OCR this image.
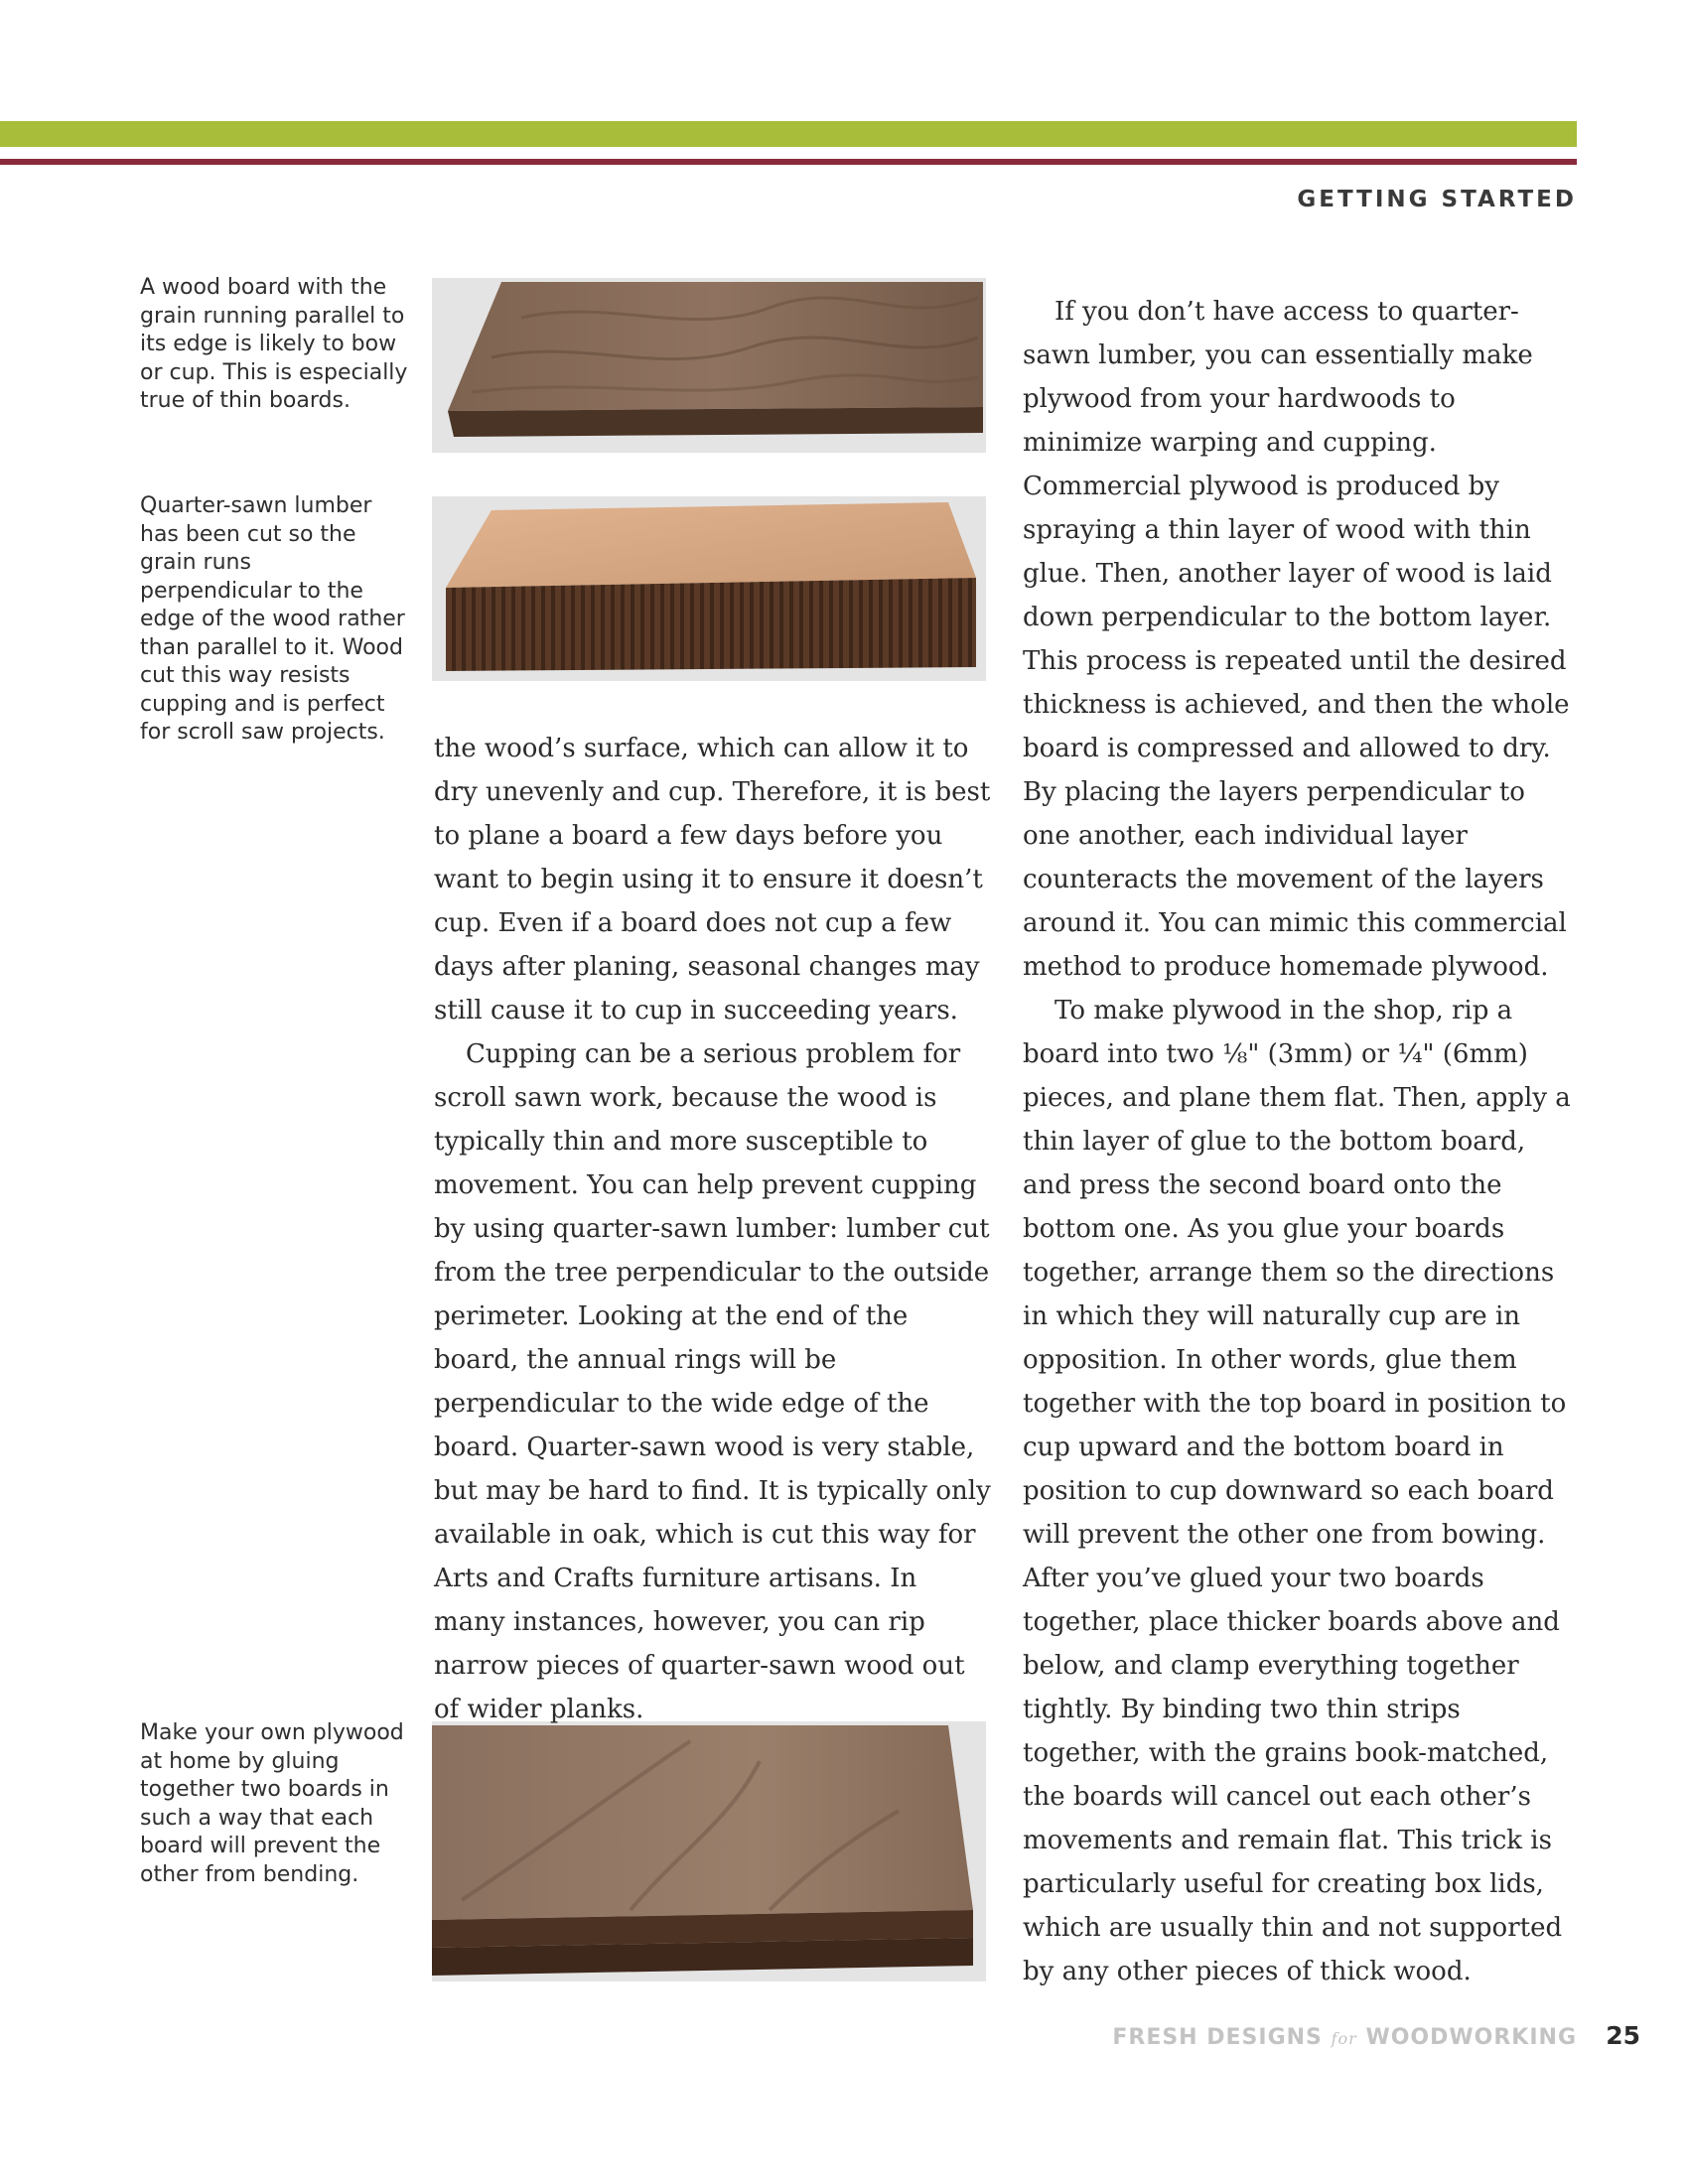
GETTING STARTED
A wood board with the grain running parallel to its edge is likely to bow or cup. This is especially true of thin boards.
Quarter-sawn lumber has been cut so the grain runs perpendicular to the edge of the wood rather than parallel to it. Wood cut this way resists cupping and is perfect for scroll saw projects.
Make your own plywood at home by gluing together two boards in such a way that each board will prevent the other from bending.

the wood’s surface, which can allow it to dry unevenly and cup. Therefore, it is best to plane a board a few days before you want to begin using it to ensure it doesn’t cup. Even if a board does not cup a few days after planing, seasonal changes may still cause it to cup in succeeding years.

Cupping can be a serious problem for scroll sawn work, because the wood is typically thin and more susceptible to movement. You can help prevent cupping by using quarter-sawn lumber: lumber cut from the tree perpendicular to the outside perimeter. Looking at the end of the board, the annual rings will be perpendicular to the wide edge of the board. Quarter-sawn wood is very stable, but may be hard to find. It is typically only available in oak, which is cut this way for Arts and Crafts furniture artisans. In many instances, however, you can rip narrow pieces of quarter-sawn wood out of wider planks.

If you don’t have access to quarter-sawn lumber, you can essentially make plywood from your hardwoods to minimize warping and cupping. Commercial plywood is produced by spraying a thin layer of wood with thin glue. Then, another layer of wood is laid down perpendicular to the bottom layer. This process is repeated until the desired thickness is achieved, and then the whole board is compressed and allowed to dry. By placing the layers perpendicular to one another, each individual layer counteracts the movement of the layers around it. You can mimic this commercial method to produce homemade plywood.

To make plywood in the shop, rip a board into two ⅛" (3mm) or ¼" (6mm) pieces, and plane them flat. Then, apply a thin layer of glue to the bottom board, and press the second board onto the bottom one. As you glue your boards together, arrange them so the directions in which they will naturally cup are in opposition. In other words, glue them together with the top board in position to cup upward and the bottom board in position to cup downward so each board will prevent the other one from bowing. After you’ve glued your two boards together, place thicker boards above and below, and clamp everything together tightly. By binding two thin strips together, with the grains book-matched, the boards will cancel out each other’s movements and remain flat. This trick is particularly useful for creating box lids, which are usually thin and not supported by any other pieces of thick wood.

FRESH DESIGNS for WOODWORKING 25
